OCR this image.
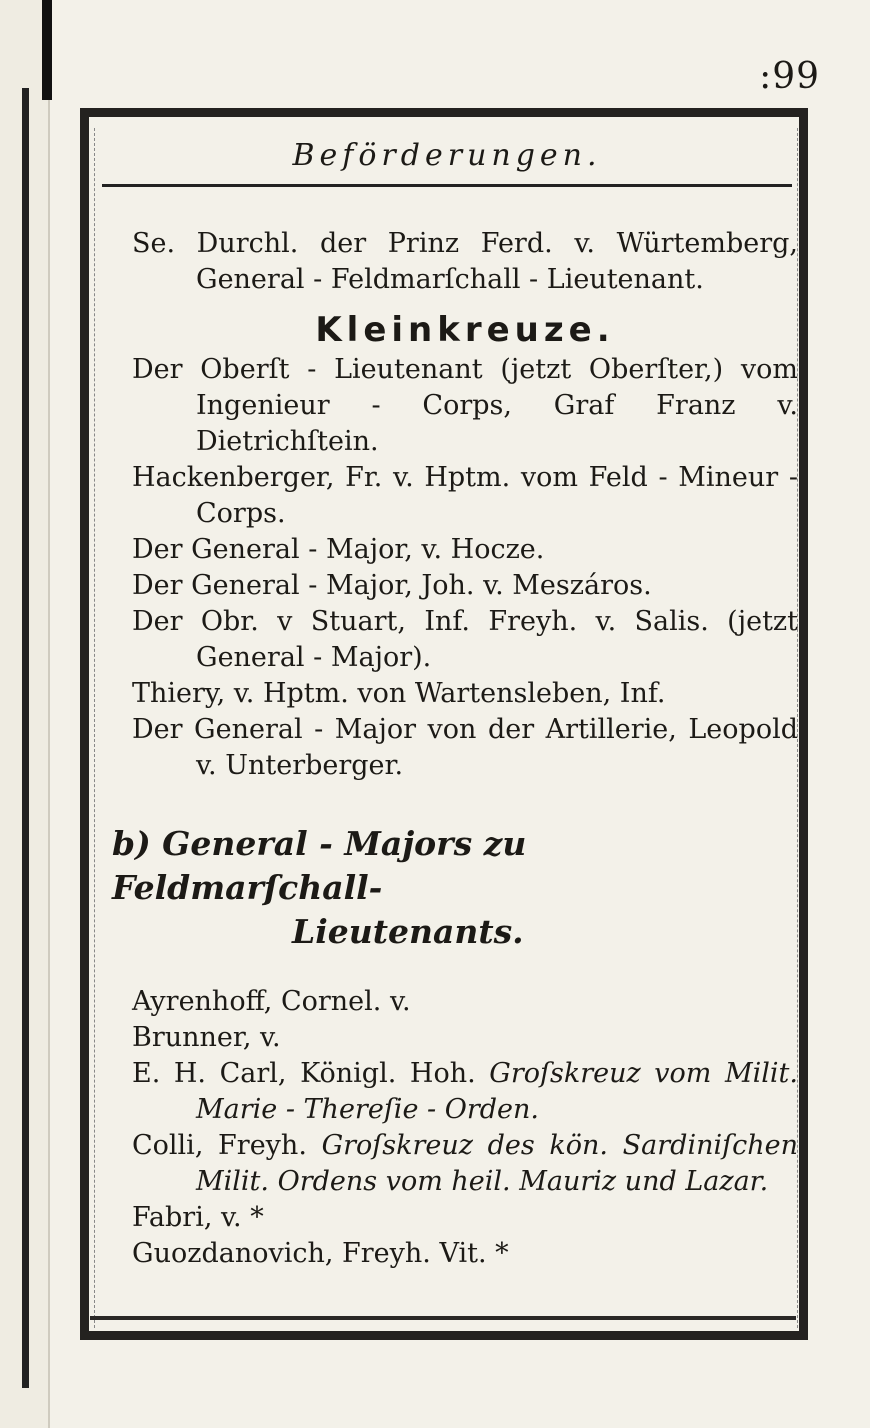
:99
Beförderungen.

Se. Durchl. der Prinz Ferd. v. Würtemberg, General - Feldmarſchall - Lieutenant.

Kleinkreuze.

Der Oberſt - Lieutenant (jetzt Oberſter,) vom Ingenieur - Corps, Graf Franz v. Dietrichſtein.

Hackenberger, Fr. v. Hptm. vom Feld - Mineur - Corps.

Der General - Major, v. Hocze.

Der General - Major, Joh. v. Meszáros.

Der Obr. v Stuart, Inf. Freyh. v. Salis. (jetzt General - Major).

Thiery, v. Hptm. von Wartensleben, Inf.

Der General - Major von der Artillerie, Leopold v. Unterberger.

b) General - Majors zu Feldmarſchall-
Lieutenants.

Ayrenhoff, Cornel. v.

Brunner, v.

E. H. Carl, Königl. Hoh. Groſskreuz vom Milit. Marie - Thereſie - Orden.

Colli, Freyh. Groſskreuz des kön. Sardiniſchen Milit. Ordens vom heil. Mauriz und Lazar.

Fabri, v. *

Guozdanovich, Freyh. Vit. *
